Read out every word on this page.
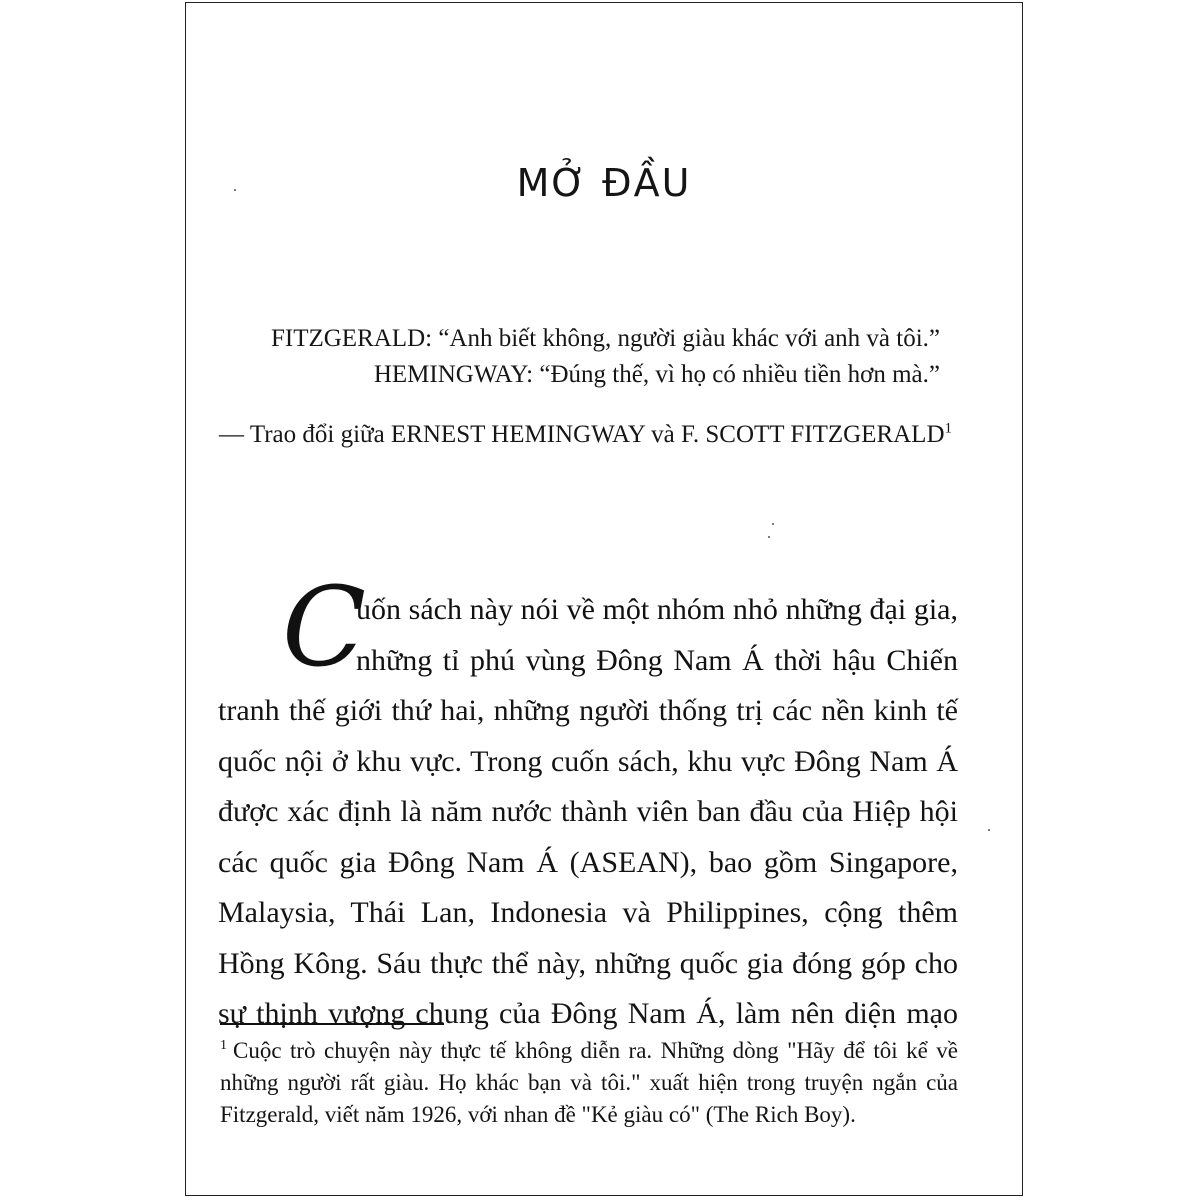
MỞ ĐẦU
FITZGERALD: “Anh biết không, người giàu khác với anh và tôi.”
HEMINGWAY: “Đúng thế, vì họ có nhiều tiền hơn mà.”
— Trao đổi giữa ERNEST HEMINGWAY và F. SCOTT FITZGERALD$^1$
C
uốn sách này nói về một nhóm nhỏ những đại gia,
những tỉ phú vùng Đông Nam Á thời hậu Chiến
tranh thế giới thứ hai, những người thống trị các nền kinh tế
quốc nội ở khu vực. Trong cuốn sách, khu vực Đông Nam Á
được xác định là năm nước thành viên ban đầu của Hiệp hội
các quốc gia Đông Nam Á (ASEAN), bao gồm Singapore,
Malaysia, Thái Lan, Indonesia và Philippines, cộng thêm
Hồng Kông. Sáu thực thể này, những quốc gia đóng góp cho
sự thịnh vượng chung của Đông Nam Á, làm nên diện mạo
$^1$ Cuộc trò chuyện này thực tế không diễn ra. Những dòng "Hãy để tôi kể về
những người rất giàu. Họ khác bạn và tôi." xuất hiện trong truyện ngắn của
Fitzgerald, viết năm 1926, với nhan đề "Kẻ giàu có" (The Rich Boy).
